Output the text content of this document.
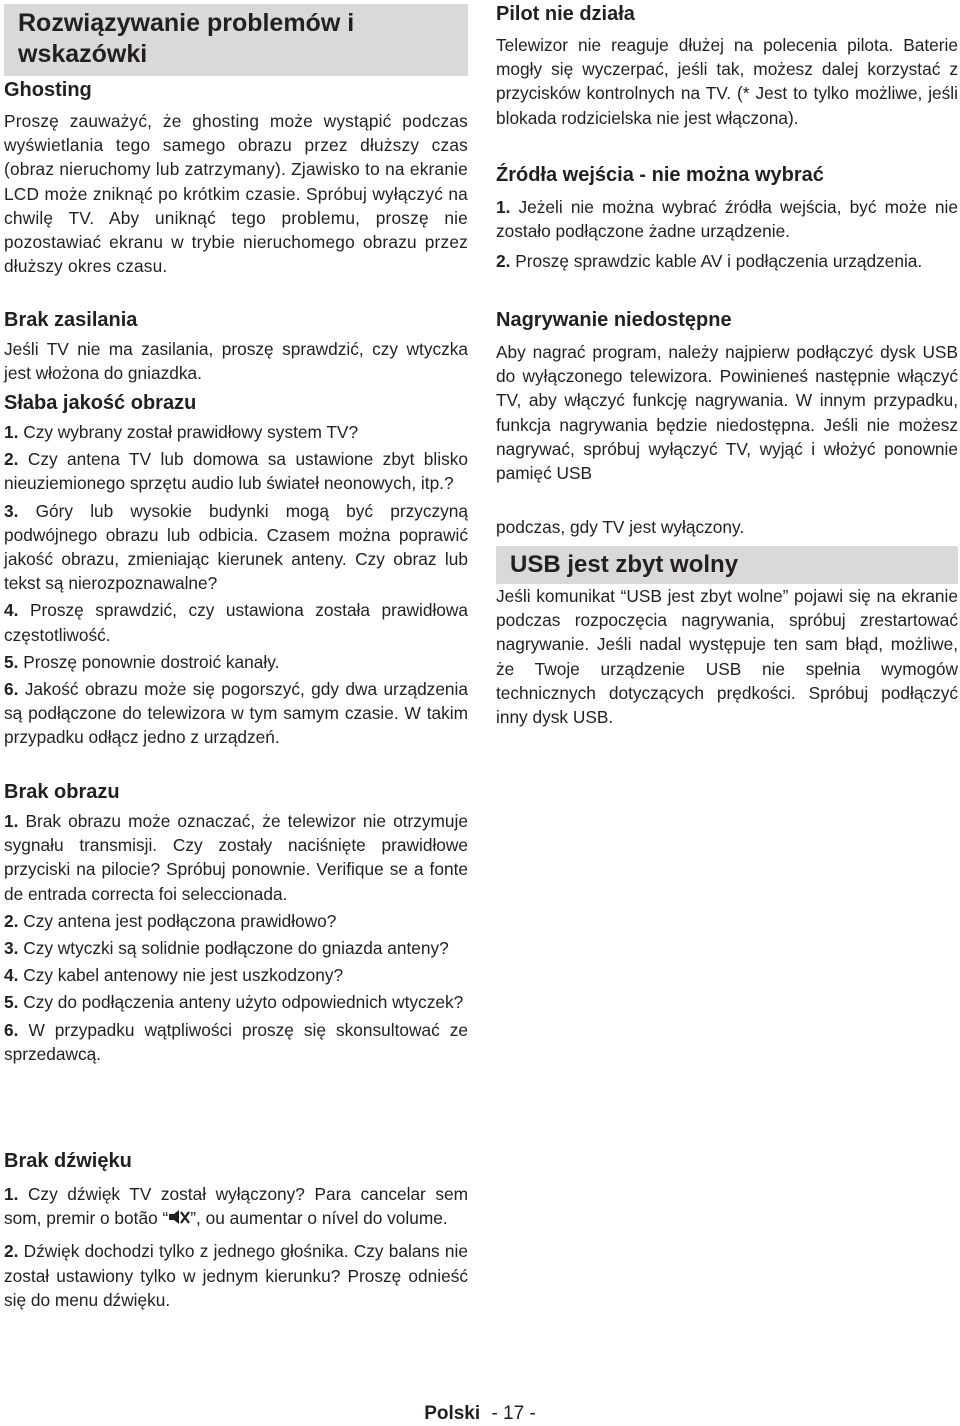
Rozwiązywanie problemów i wskazówki
Ghosting

Proszę zauważyć, że ghosting może wystąpić podczas wyświetlania tego samego obrazu przez dłuższy czas (obraz nieruchomy lub zatrzymany). Zjawisko to na ekranie LCD może zniknąć po krótkim czasie. Spróbuj wyłączyć na chwilę TV. Aby uniknąć tego problemu, proszę nie pozostawiać ekranu w trybie nieruchomego obrazu przez dłuższy okres czasu.

Brak zasilania

Jeśli TV nie ma zasilania, proszę sprawdzić, czy wtyczka jest włożona do gniazdka.

Słaba jakość obrazu

1. Czy wybrany został prawidłowy system TV?

2. Czy antena TV lub domowa sa ustawione zbyt blisko nieuziemionego sprzętu audio lub świateł neonowych, itp.?

3. Góry lub wysokie budynki mogą być przyczyną podwójnego obrazu lub odbicia. Czasem można poprawić jakość obrazu, zmieniając kierunek anteny. Czy obraz lub tekst są nierozpoznawalne?

4. Proszę sprawdzić, czy ustawiona została prawidłowa częstotliwość.

5. Proszę ponownie dostroić kanały.

6. Jakość obrazu może się pogorszyć, gdy dwa urządzenia są podłączone do telewizora w tym samym czasie. W takim przypadku odłącz jedno z urządzeń.

Brak obrazu

1. Brak obrazu może oznaczać, że telewizor nie otrzymuje sygnału transmisji. Czy zostały naciśnięte prawidłowe przyciski na pilocie? Spróbuj ponownie. Verifique se a fonte de entrada correcta foi seleccionada.

2. Czy antena jest podłączona prawidłowo?

3. Czy wtyczki są solidnie podłączone do gniazda anteny?

4. Czy kabel antenowy nie jest uszkodzony?

5. Czy do podłączenia anteny użyto odpowiednich wtyczek?

6. W przypadku wątpliwości proszę się skonsultować ze sprzedawcą.

Brak dźwięku

1. Czy dźwięk TV został wyłączony? Para cancelar sem som, premir o botão “ ”, ou aumentar o nível do volume.

2. Dźwięk dochodzi tylko z jednego głośnika. Czy balans nie został ustawiony tylko w jednym kierunku? Proszę odnieść się do menu dźwięku.

Pilot nie działa

Telewizor nie reaguje dłużej na polecenia pilota. Baterie mogły się wyczerpać, jeśli tak, możesz dalej korzystać z przycisków kontrolnych na TV. (* Jest to tylko możliwe, jeśli blokada rodzicielska nie jest włączona).

Źródła wejścia - nie można wybrać

1. Jeżeli nie można wybrać źródła wejścia, być może nie zostało podłączone żadne urządzenie.

2. Proszę sprawdzic kable AV i podłączenia urządzenia.

Nagrywanie niedostępne

Aby nagrać program, należy najpierw podłączyć dysk USB do wyłączonego telewizora. Powinieneś następnie włączyć TV, aby włączyć funkcję nagrywania. W innym przypadku, funkcja nagrywania będzie niedostępna. Jeśli nie możesz nagrywać, spróbuj wyłączyć TV, wyjąć i włożyć ponownie pamięć USB

podczas, gdy TV jest wyłączony.

USB jest zbyt wolny

Jeśli komunikat “USB jest zbyt wolne” pojawi się na ekranie podczas rozpoczęcia nagrywania, spróbuj zrestartować nagrywanie. Jeśli nadal występuje ten sam błąd, możliwe, że Twoje urządzenie USB nie spełnia wymogów technicznych dotyczących prędkości. Spróbuj podłączyć inny dysk USB.

Polski - 17 -
